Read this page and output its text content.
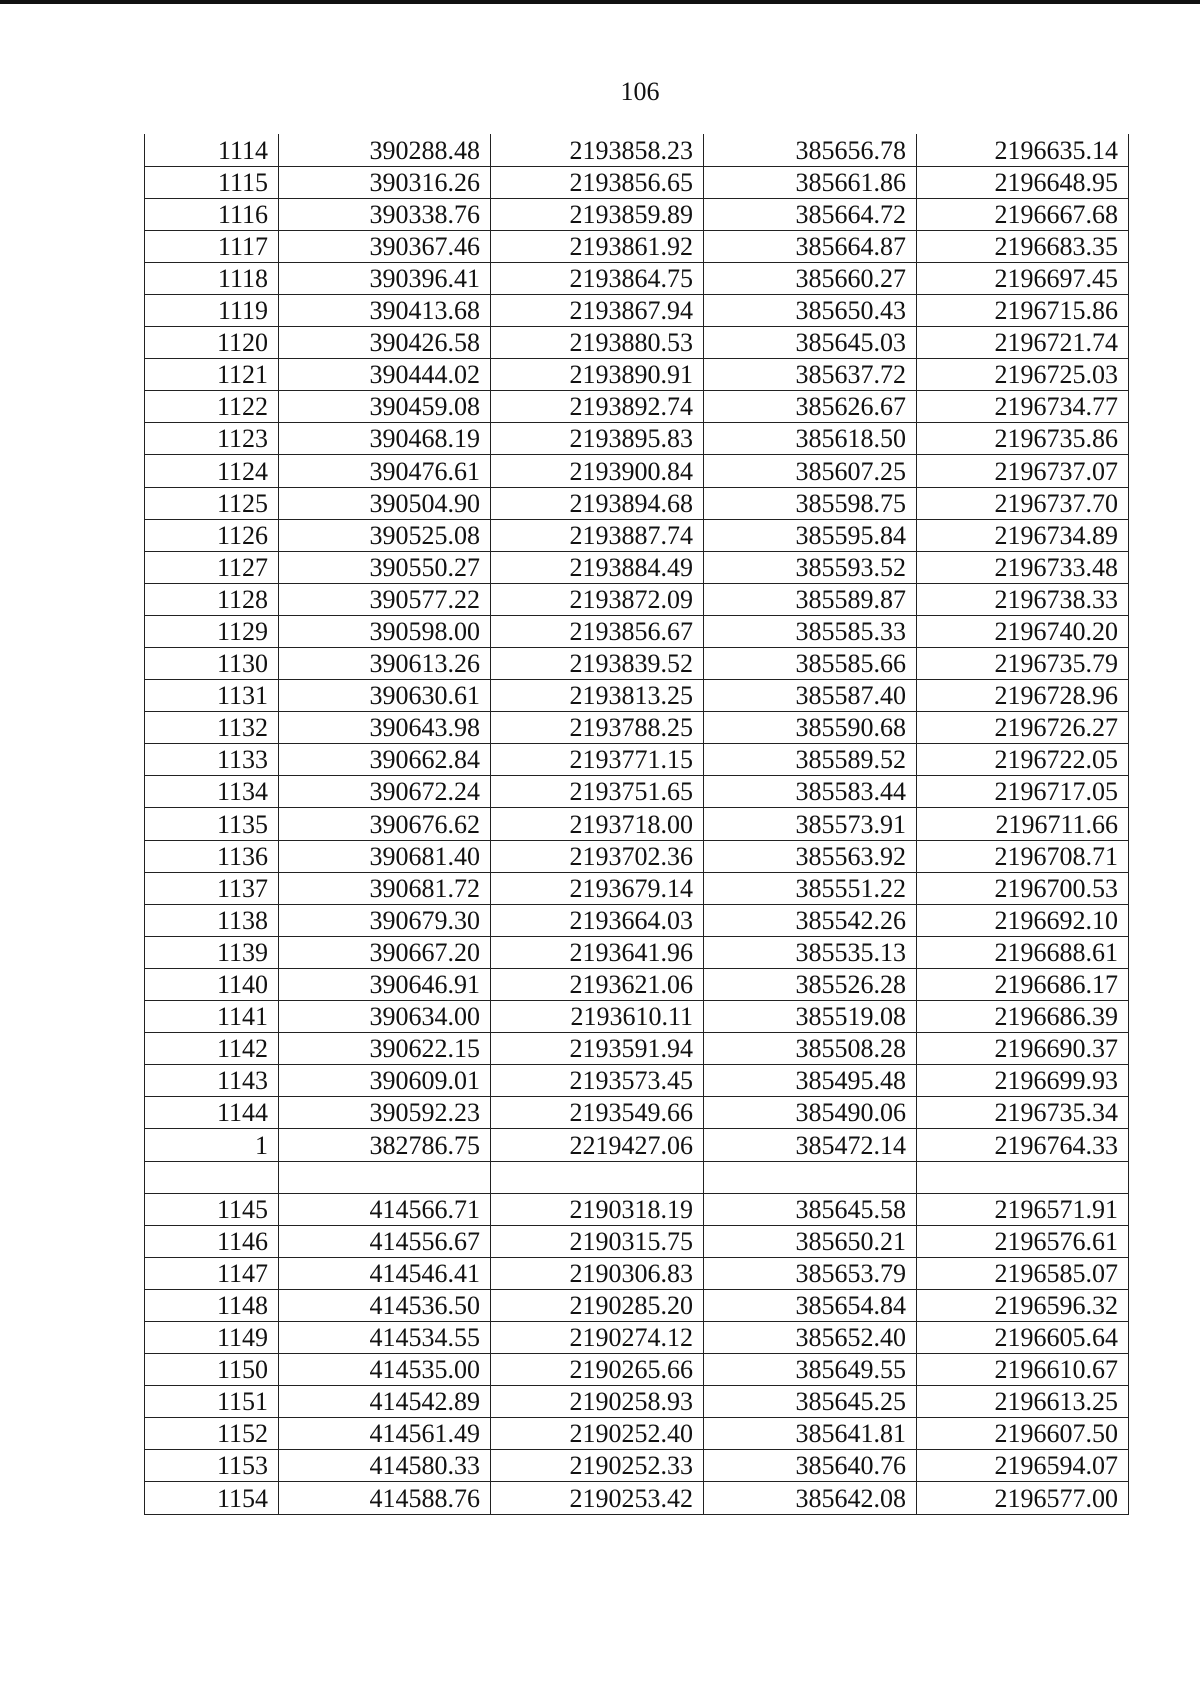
106
1114	390288.48	2193858.23	385656.78	2196635.14
1115	390316.26	2193856.65	385661.86	2196648.95
1116	390338.76	2193859.89	385664.72	2196667.68
1117	390367.46	2193861.92	385664.87	2196683.35
1118	390396.41	2193864.75	385660.27	2196697.45
1119	390413.68	2193867.94	385650.43	2196715.86
1120	390426.58	2193880.53	385645.03	2196721.74
1121	390444.02	2193890.91	385637.72	2196725.03
1122	390459.08	2193892.74	385626.67	2196734.77
1123	390468.19	2193895.83	385618.50	2196735.86
1124	390476.61	2193900.84	385607.25	2196737.07
1125	390504.90	2193894.68	385598.75	2196737.70
1126	390525.08	2193887.74	385595.84	2196734.89
1127	390550.27	2193884.49	385593.52	2196733.48
1128	390577.22	2193872.09	385589.87	2196738.33
1129	390598.00	2193856.67	385585.33	2196740.20
1130	390613.26	2193839.52	385585.66	2196735.79
1131	390630.61	2193813.25	385587.40	2196728.96
1132	390643.98	2193788.25	385590.68	2196726.27
1133	390662.84	2193771.15	385589.52	2196722.05
1134	390672.24	2193751.65	385583.44	2196717.05
1135	390676.62	2193718.00	385573.91	2196711.66
1136	390681.40	2193702.36	385563.92	2196708.71
1137	390681.72	2193679.14	385551.22	2196700.53
1138	390679.30	2193664.03	385542.26	2196692.10
1139	390667.20	2193641.96	385535.13	2196688.61
1140	390646.91	2193621.06	385526.28	2196686.17
1141	390634.00	2193610.11	385519.08	2196686.39
1142	390622.15	2193591.94	385508.28	2196690.37
1143	390609.01	2193573.45	385495.48	2196699.93
1144	390592.23	2193549.66	385490.06	2196735.34
1	382786.75	2219427.06	385472.14	2196764.33

1145	414566.71	2190318.19	385645.58	2196571.91
1146	414556.67	2190315.75	385650.21	2196576.61
1147	414546.41	2190306.83	385653.79	2196585.07
1148	414536.50	2190285.20	385654.84	2196596.32
1149	414534.55	2190274.12	385652.40	2196605.64
1150	414535.00	2190265.66	385649.55	2196610.67
1151	414542.89	2190258.93	385645.25	2196613.25
1152	414561.49	2190252.40	385641.81	2196607.50
1153	414580.33	2190252.33	385640.76	2196594.07
1154	414588.76	2190253.42	385642.08	2196577.00
